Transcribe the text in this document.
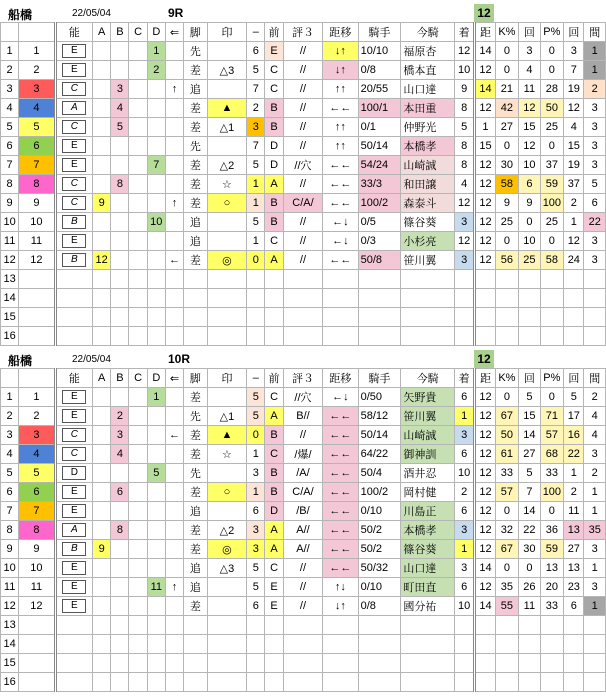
船橋	22/05/04	9R	12
		能	A	B	C	D	⇐	脚	印	–	前	評３	距移	騎手	今騎	着	距	K%	回	P%	回	間
1	1	E				1		先		6	E	//	↓↑	10/10	福原杏	12	14	0	3	0	3	1
2	2	E				2		差	△3	5	C	//	↓↑	0/8	橋本直	10	12	0	4	0	7	1
3	3	C		3			↑	追		7	C	//	↑↑	20/55	山口達	9	14	21	11	28	19	2
4	4	A		4				差	▲	2	B	//	←←	100/1	本田重	8	12	42	12	50	12	3
5	5	C		5				差	△1	3	B	//	↑↑	0/1	仲野光	5	1	27	15	25	4	3
6	6	E						先		7	D	//	↑↑	50/14	本橋孝	8	15	0	12	0	15	3
7	7	E				7		差	△2	5	D	//穴	←←	54/24	山崎誠	8	12	30	10	37	19	3
8	8	C		8				差	☆	1	A	//	←←	33/3	和田譲	4	12	58	6	59	37	5
9	9	C	9				↑	差	○	1	B	C/A/	←←	100/2	森泰斗	12	12	9	9	100	2	6
10	10	B				10		追		5	B	//	←↓	0/5	篠谷葵	3	12	25	0	25	1	22
11	11	E						追		1	C	//	←↓	0/3	小杉亮	12	12	0	10	0	12	3
12	12	B	12				←	差	◎	0	A	//	←←	50/8	笹川翼	3	12	56	25	58	24	3
13																						
14																						
15																						
16																						
船橋	22/05/04	10R	12
		能	A	B	C	D	⇐	脚	印	–	前	評３	距移	騎手	今騎	着	距	K%	回	P%	回	間
1	1	E				1		差		5	C	//穴	←↓	0/50	矢野貴	6	12	0	5	0	5	2
2	2	E		2				先	△1	5	A	B//	←←	58/12	笹川翼	1	12	67	15	71	17	4
3	3	C		3			←	差	▲	0	B	//	←←	50/14	山崎誠	3	12	50	14	57	16	4
4	4	C		4				差	☆	1	C	/爆/	←←	64/22	御神訓	6	12	61	27	68	22	3
5	5	D				5		先		3	B	/A/	←←	50/4	酒井忍	10	12	33	5	33	1	2
6	6	E		6				差	○	1	B	C/A/	←←	100/2	岡村健	2	12	57	7	100	2	1
7	7	E						追		6	D	/B/	←←	0/10	川島正	6	12	0	14	0	11	1
8	8	A		8				差	△2	3	A	A//	←←	50/2	本橋孝	3	12	32	22	36	13	35
9	9	B	9					差	◎	3	A	A//	←←	50/2	篠谷葵	1	12	67	30	59	27	3
10	10	E						追	△3	5	C	//	←←	50/32	山口達	3	14	0	0	13	13	1
11	11	E				11	↑	追		5	E	//	↑↓	0/10	町田直	6	12	35	26	20	23	3
12	12	E						差		6	E	//	↓↑	0/8	國分祐	10	14	55	11	33	6	1
13																						
14																						
15																						
16																						
